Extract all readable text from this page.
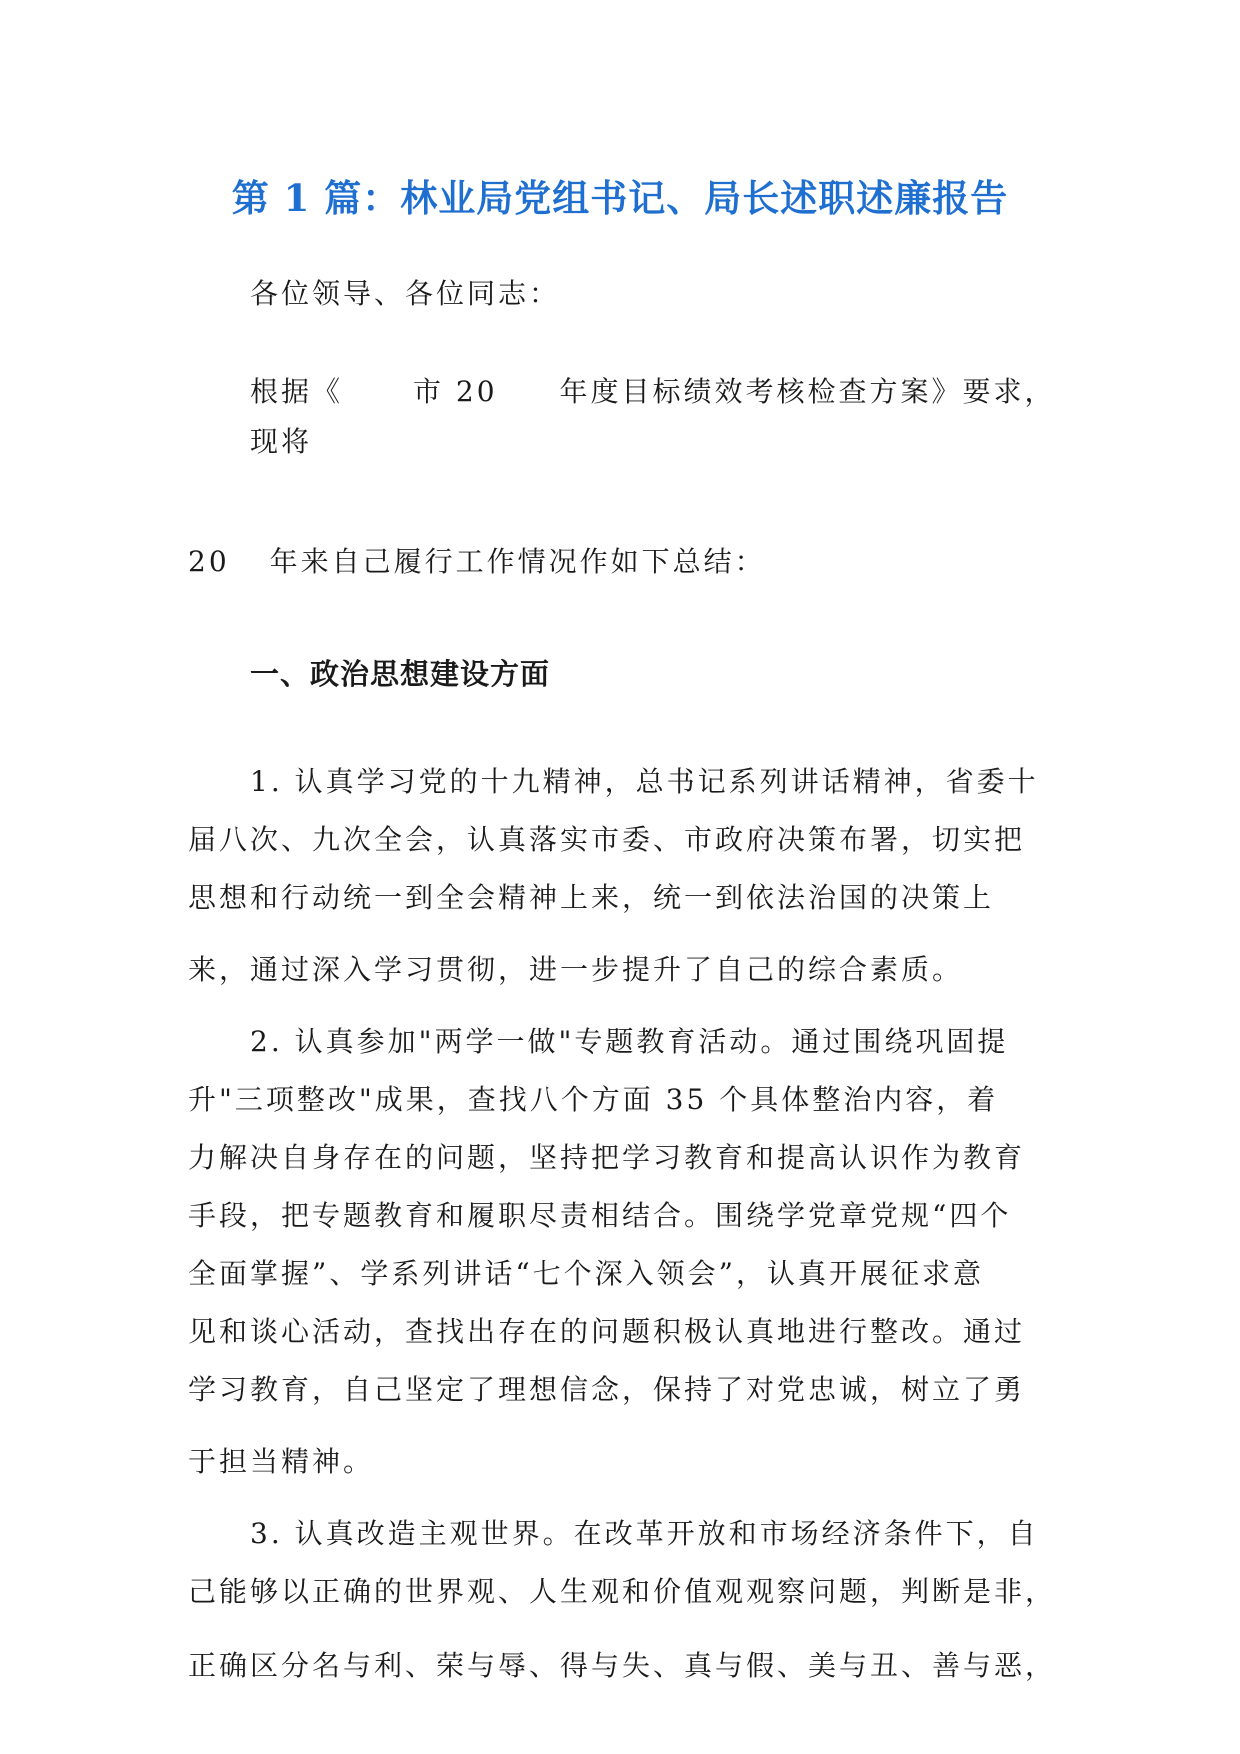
第 1 篇：林业局党组书记、局长述职述廉报告
各位领导、各位同志：
根据《	市 20 年度目标绩效考核检查方案》要求，
现将
20 年来自己履行工作情况作如下总结：
一、政治思想建设方面
1. 认真学习党的十九精神，总书记系列讲话精神，省委十
届八次、九次全会，认真落实市委、市政府决策布署，切实把
思想和行动统一到全会精神上来，统一到依法治国的决策上
来，通过深入学习贯彻，进一步提升了自己的综合素质。
2. 认真参加"两学一做"专题教育活动。通过围绕巩固提
升"三项整改"成果，查找八个方面 35 个具体整治内容，着
力解决自身存在的问题，坚持把学习教育和提高认识作为教育
手段，把专题教育和履职尽责相结合。围绕学党章党规“四个
全面掌握”、学系列讲话“七个深入领会”，认真开展征求意
见和谈心活动，查找出存在的问题积极认真地进行整改。通过
学习教育，自己坚定了理想信念，保持了对党忠诚，树立了勇
于担当精神。
3. 认真改造主观世界。在改革开放和市场经济条件下，自
己能够以正确的世界观、人生观和价值观观察问题，判断是非，
正确区分名与利、荣与辱、得与失、真与假、美与丑、善与恶，
